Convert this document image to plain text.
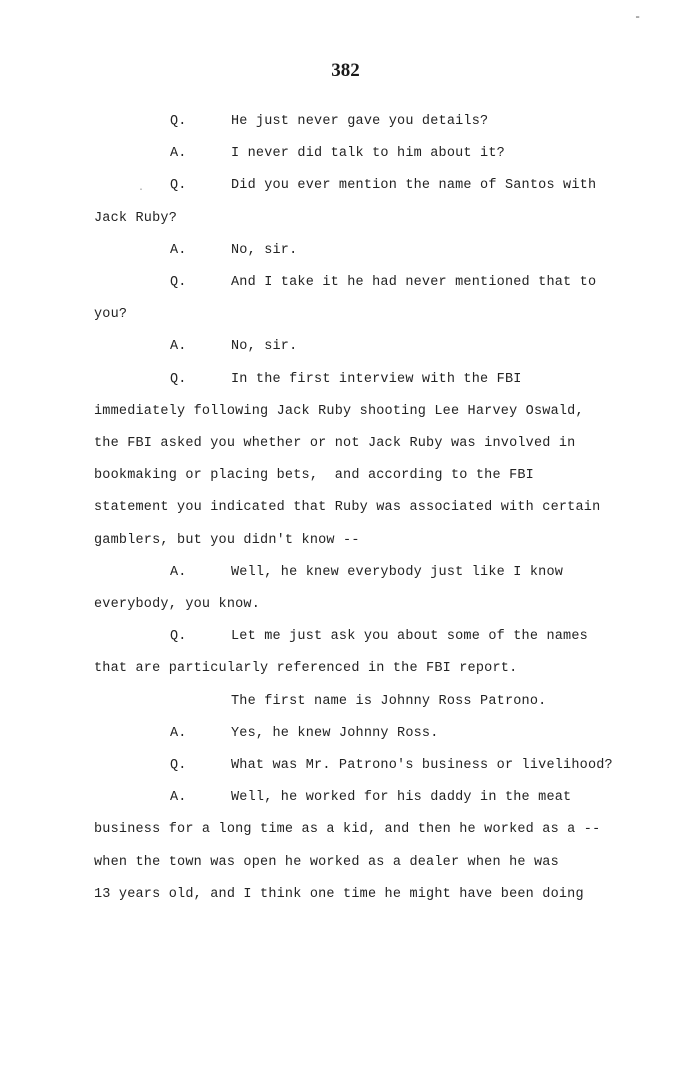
-
382
·
Q.	He just never gave you details?
A.	I never did talk to him about it?
Q.	Did you ever mention the name of Santos with
Jack Ruby?
A.	No, sir.
Q.	And I take it he had never mentioned that to
you?
A.	No, sir.
Q.	In the first interview with the FBI
immediately following Jack Ruby shooting Lee Harvey Oswald,
the FBI asked you whether or not Jack Ruby was involved in
bookmaking or placing bets,  and according to the FBI
statement you indicated that Ruby was associated with certain
gamblers, but you didn't know --
A.	Well, he knew everybody just like I know
everybody, you know.
Q.	Let me just ask you about some of the names
that are particularly referenced in the FBI report.
The first name is Johnny Ross Patrono.
A.	Yes, he knew Johnny Ross.
Q.	What was Mr. Patrono's business or livelihood?
A.	Well, he worked for his daddy in the meat
business for a long time as a kid, and then he worked as a --
when the town was open he worked as a dealer when he was
13 years old, and I think one time he might have been doing
